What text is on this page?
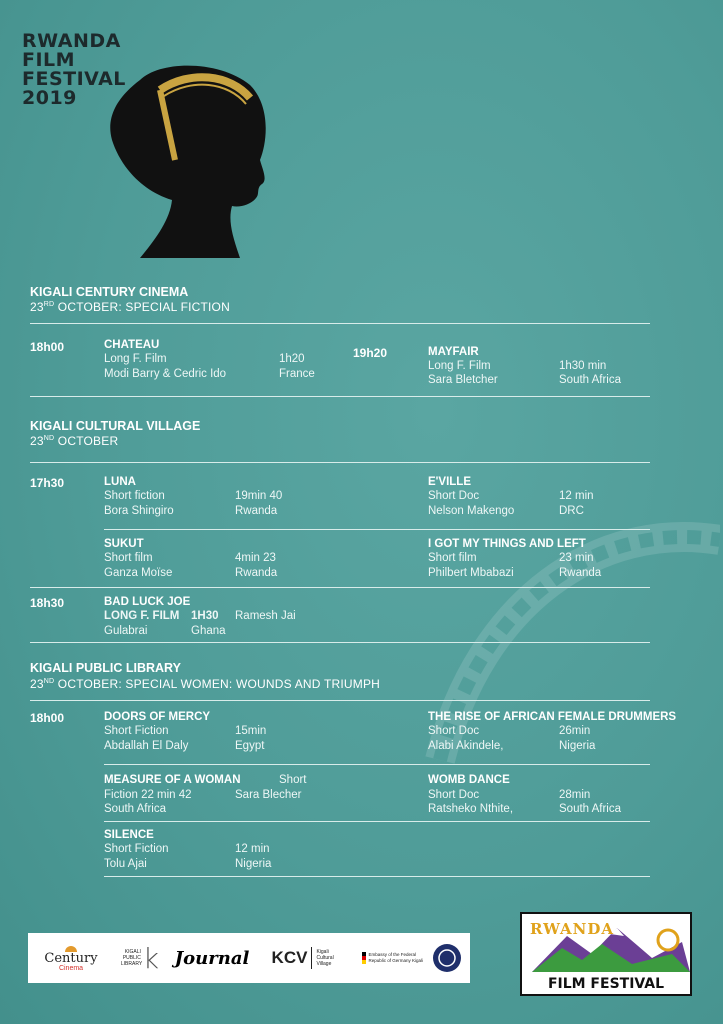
RWANDA
FILM
FESTIVAL
2019
KIGALI CENTURY CINEMA
23RD OCTOBER: SPECIAL FICTION
18h00	CHATEAU
Long F. Film	1h20
Modi Barry & Cedric Ido	France
19h20	MAYFAIR
Long F. Film	1h30 min
Sara Bletcher	South Africa
KIGALI CULTURAL VILLAGE
23ND OCTOBER
17h30	LUNA
Short fiction	19min 40
Bora Shingiro	Rwanda
E'VILLE
Short Doc	12 min
Nelson Makengo	DRC
SUKUT
Short film	4min 23
Ganza Moïse	Rwanda
I GOT MY THINGS AND LEFT
Short film	23 min
Philbert Mbabazi	Rwanda
18h30	BAD LUCK JOE
LONG F. FILM 1H30 Ramesh Jai
Gulabrai	Ghana
KIGALI PUBLIC LIBRARY
23ND OCTOBER: SPECIAL WOMEN: WOUNDS AND TRIUMPH
18h00	DOORS OF MERCY
Short Fiction	15min
Abdallah El Daly	Egypt
THE RISE OF AFRICAN FEMALE DRUMMERS
Short Doc	26min
Alabi Akindele,	Nigeria
MEASURE OF A WOMAN	Short
Fiction 22 min 42	Sara Blecher
South Africa
WOMB DANCE
Short Doc	28min
Ratsheko Nthite,	South Africa
SILENCE
Short Fiction	12 min
Tolu Ajai	Nigeria
Century
Cinema
KIGALI PUBLIC LIBRARY k Journal KCV Kigali Cultural Village
Embassy of the Federal Republic of Germany Kigali
RWANDA
FILM FESTIVAL
